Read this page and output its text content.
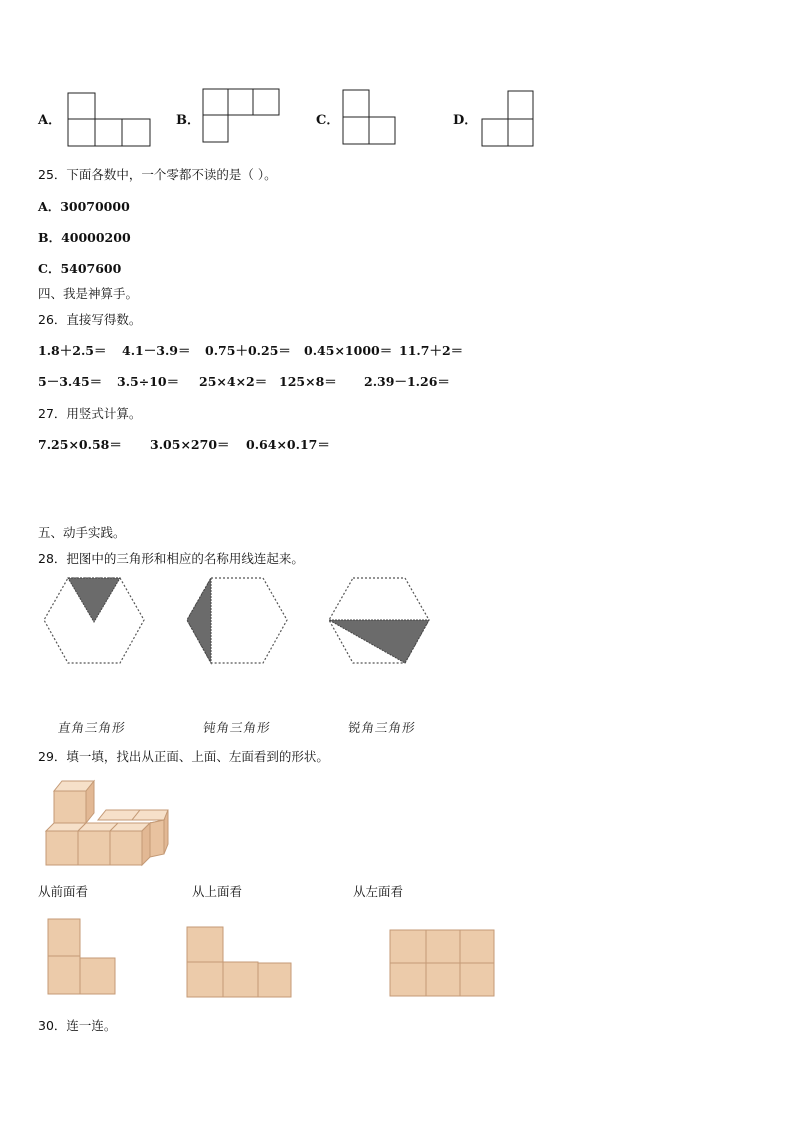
A．	B．	C．	D．
25．下面各数中，一个零都不读的是（ ）。
A．30070000
B．40000200
C．5407600
四、我是神算手。
26．直接写得数。
1.8＋2.5＝ 4.1－3.9＝ 0.75＋0.25＝ 0.45×1000＝ 11.7＋2＝
5－3.45＝ 3.5÷10＝ 25×4×2＝ 125×8＝ 2.39－1.26＝
27．用竖式计算。
7.25×0.58＝ 3.05×270＝ 0.64×0.17＝
五、动手实践。
28．把图中的三角形和相应的名称用线连起来。
直角三角形	钝角三角形	锐角三角形
29．填一填，找出从正面、上面、左面看到的形状。
从前面看	从上面看	从左面看
30．连一连。
